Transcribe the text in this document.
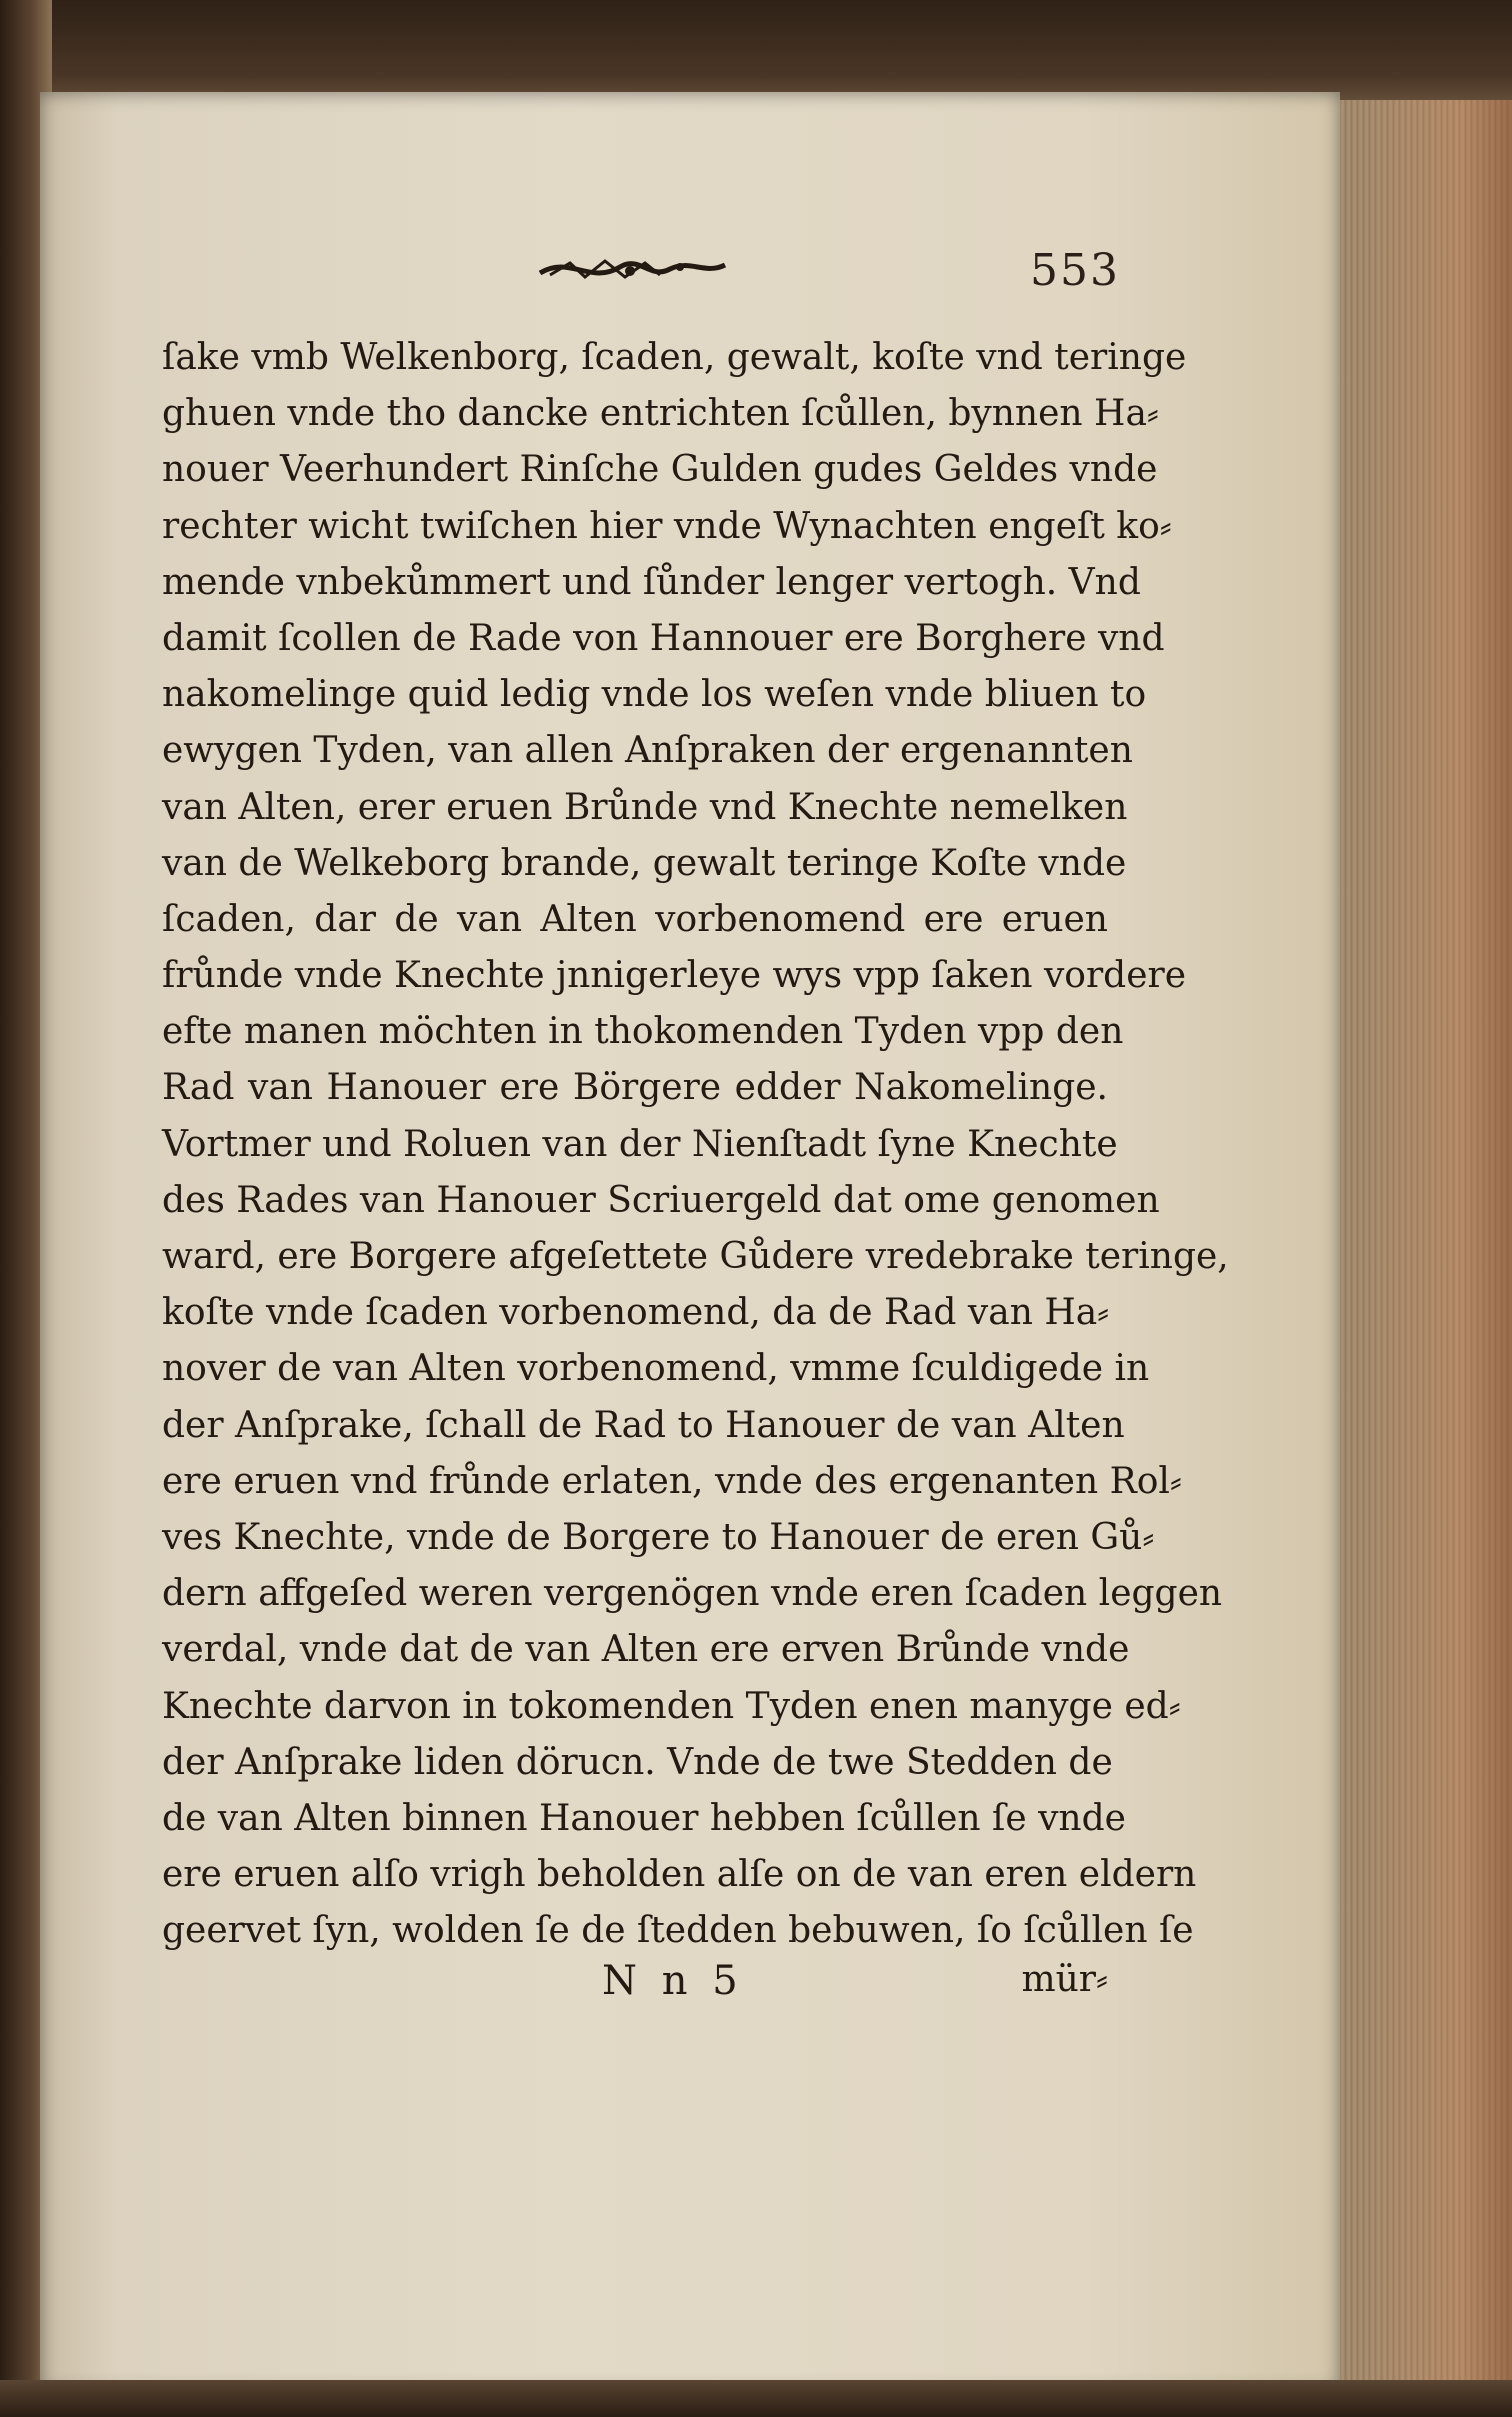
553
ſake vmb Welkenborg, ſcaden, gewalt, koſte vnd teringe
ghuen vnde tho dancke entrichten ſcůllen, bynnen Ha⸗
nouer Veerhundert Rinſche Gulden gudes Geldes vnde
rechter wicht twiſchen hier vnde Wynachten engeſt ko⸗
mende vnbekůmmert und ſůnder lenger vertogh. Vnd
damit ſcollen de Rade von Hannouer ere Borghere vnd
nakomelinge quid ledig vnde los weſen vnde bliuen to
ewygen Tyden, van allen Anſpraken der ergenannten
van Alten, erer eruen Brůnde vnd Knechte nemelken
van de Welkeborg brande, gewalt teringe Koſte vnde
ſcaden, dar de van Alten vorbenomend ere eruen
frůnde vnde Knechte jnnigerleye wys vpp ſaken vordere
efte manen möchten in thokomenden Tyden vpp den
Rad van Hanouer ere Börgere edder Nakomelinge.
Vortmer und Roluen van der Nienſtadt ſyne Knechte
des Rades van Hanouer Scriuergeld dat ome genomen
ward, ere Borgere afgeſettete Gůdere vredebrake teringe,
koſte vnde ſcaden vorbenomend, da de Rad van Ha⸗
nover de van Alten vorbenomend, vmme ſculdigede in
der Anſprake, ſchall de Rad to Hanouer de van Alten
ere eruen vnd frůnde erlaten, vnde des ergenanten Rol⸗
ves Knechte, vnde de Borgere to Hanouer de eren Gů⸗
dern affgeſed weren vergenögen vnde eren ſcaden leggen
verdal, vnde dat de van Alten ere erven Brůnde vnde
Knechte darvon in tokomenden Tyden enen manyge ed⸗
der Anſprake liden dörucn. Vnde de twe Stedden de
de van Alten binnen Hanouer hebben ſcůllen ſe vnde
ere eruen alſo vrigh beholden alſe on de van eren eldern
geervet ſyn, wolden ſe de ſtedden bebuwen, ſo ſcůllen ſe
N n 5	mür⸗
